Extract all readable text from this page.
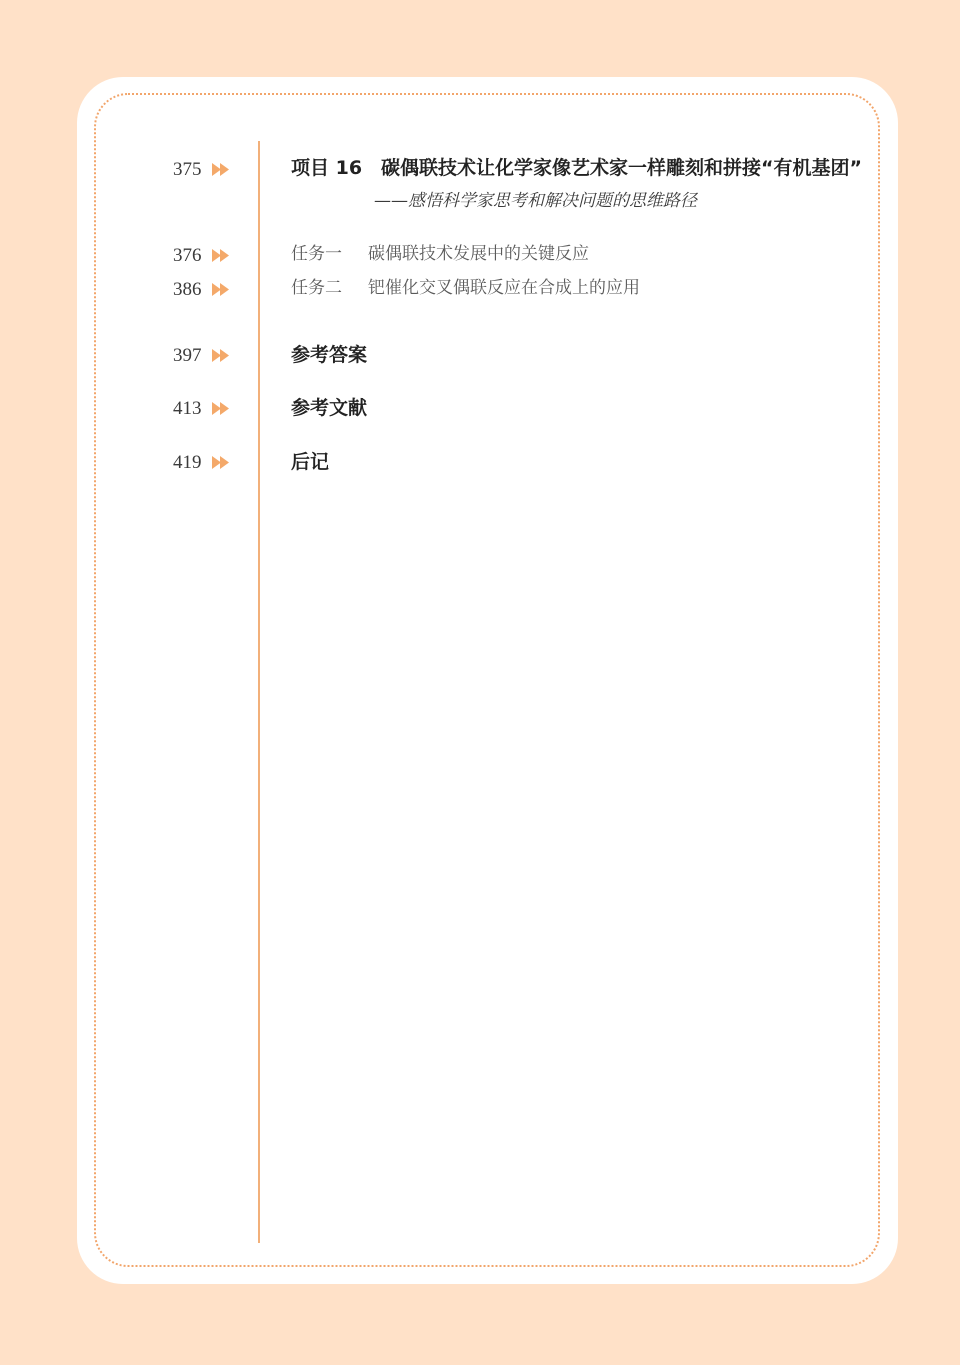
375	项目 16　碳偶联技术让化学家像艺术家一样雕刻和拼接“有机基团”
——感悟科学家思考和解决问题的思维路径
376	任务一 碳偶联技术发展中的关键反应
386	任务二 钯催化交叉偶联反应在合成上的应用
397	参考答案
413	参考文献
419	后记
